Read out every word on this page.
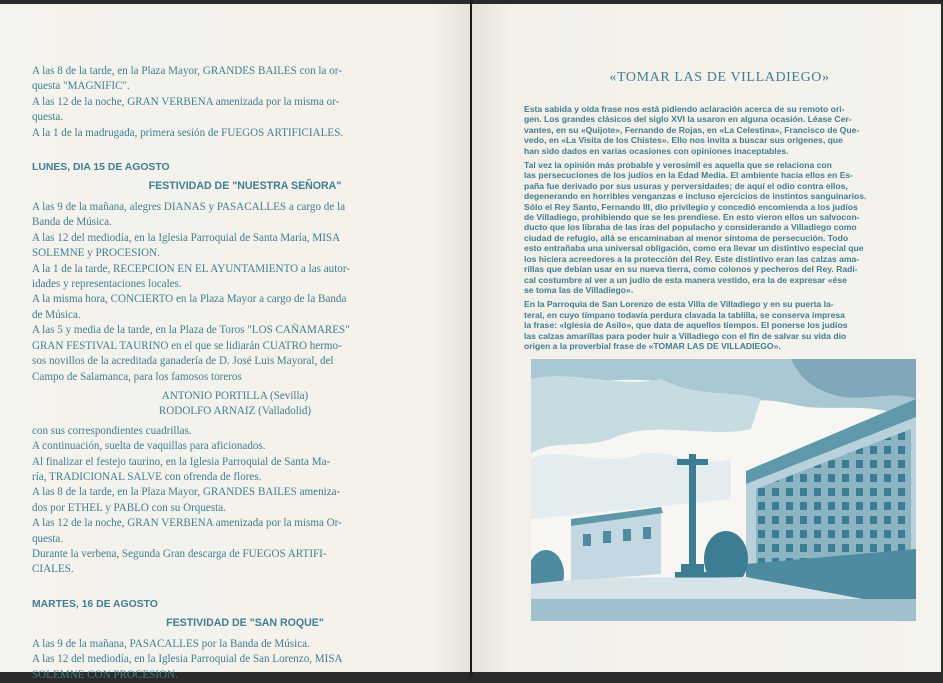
A las 8 de la tarde, en la Plaza Mayor, GRANDES BAILES con la or-
questa "MAGNIFIC".
A las 12 de la noche, GRAN VERBENA amenizada por la misma or-
questa.
A la 1 de la madrugada, primera sesión de FUEGOS ARTIFICIALES.
LUNES, DIA 15 DE AGOSTO
FESTIVIDAD DE "NUESTRA SEÑORA"
A las 9 de la mañana, alegres DIANAS y PASACALLES a cargo de la
Banda de Música.
A las 12 del mediodía, en la Iglesia Parroquial de Santa María, MISA
SOLEMNE y PROCESION.
A la 1 de la tarde, RECEPCION EN EL AYUNTAMIENTO a las autor-
idades y representaciones locales.
A la misma hora, CONCIERTO en la Plaza Mayor a cargo de la Banda
de Música.
A las 5 y media de la tarde, en la Plaza de Toros "LOS CAÑAMARES"
GRAN FESTIVAL TAURINO en el que se lidiarán CUATRO hermo-
sos novillos de la acreditada ganadería de D. José Luis Mayoral, del
Campo de Salamanca, para los famosos toreros
ANTONIO PORTILLA (Sevilla)
RODOLFO ARNAIZ (Valladolid)
con sus correspondientes cuadrillas.
A continuación, suelta de vaquillas para aficionados.
Al finalizar el festejo taurino, en la Iglesia Parroquial de Santa Ma-
ría, TRADICIONAL SALVE con ofrenda de flores.
A las 8 de la tarde, en la Plaza Mayor, GRANDES BAILES ameniza-
dos por ETHEL y PABLO con su Orquesta.
A las 12 de la noche, GRAN VERBENA amenizada por la misma Or-
questa.
Durante la verbena, Segunda Gran descarga de FUEGOS ARTIFI-
CIALES.
MARTES, 16 DE AGOSTO
FESTIVIDAD DE "SAN ROQUE"
A las 9 de la mañana, PASACALLES por la Banda de Música.
A las 12 del mediodía, en la Iglesia Parroquial de San Lorenzo, MISA
SOLEMNE CON PROCESION.
«TOMAR LAS DE VILLADIEGO»
Esta sabida y oída frase nos está pidiendo aclaración acerca de su remoto ori-
gen. Los grandes clásicos del siglo XVI la usaron en alguna ocasión. Léase Cer-
vantes, en su «Quijote», Fernando de Rojas, en «La Celestina», Francisco de Que-
vedo, en «La Visita de los Chistes». Ello nos invita a buscar sus orígenes, que
han sido dados en varias ocasiones con opiniones inaceptables.
Tal vez la opinión más probable y verosímil es aquella que se relaciona con
las persecuciones de los judíos en la Edad Media. El ambiente hacia ellos en Es-
paña fue derivado por sus usuras y perversidades; de aquí el odio contra ellos,
degenerando en horribles venganzas e incluso ejercicios de instintos sanguinarios.
Sólo el Rey Santo, Fernando III, dio privilegio y concedió encomienda a los judíos
de Villadiego, prohibiendo que se les prendiese. En esto vieron ellos un salvocon-
ducto que los libraba de las iras del populacho y considerando a Villadiego como
ciudad de refugio, allá se encaminaban al menor síntoma de persecución. Todo
esto entrañaba una universal obligación, como era llevar un distintivo especial que
los hiciera acreedores a la protección del Rey. Este distintivo eran las calzas ama-
rillas que debían usar en su nueva tierra, como colonos y pecheros del Rey. Radi-
cal costumbre al ver a un judío de esta manera vestido, era la de expresar «ése
se toma las de Villadiego».
En la Parroquia de San Lorenzo de esta Villa de Villadiego y en su puerta la-
teral, en cuyo tímpano todavía perdura clavada la tablilla, se conserva impresa
la frase: «Iglesia de Asilo», que data de aquellos tiempos. El ponerse los judíos
las calzas amarillas para poder huir a Villadiego con el fin de salvar su vida dio
origen a la proverbial frase de «TOMAR LAS DE VILLADIEGO».
